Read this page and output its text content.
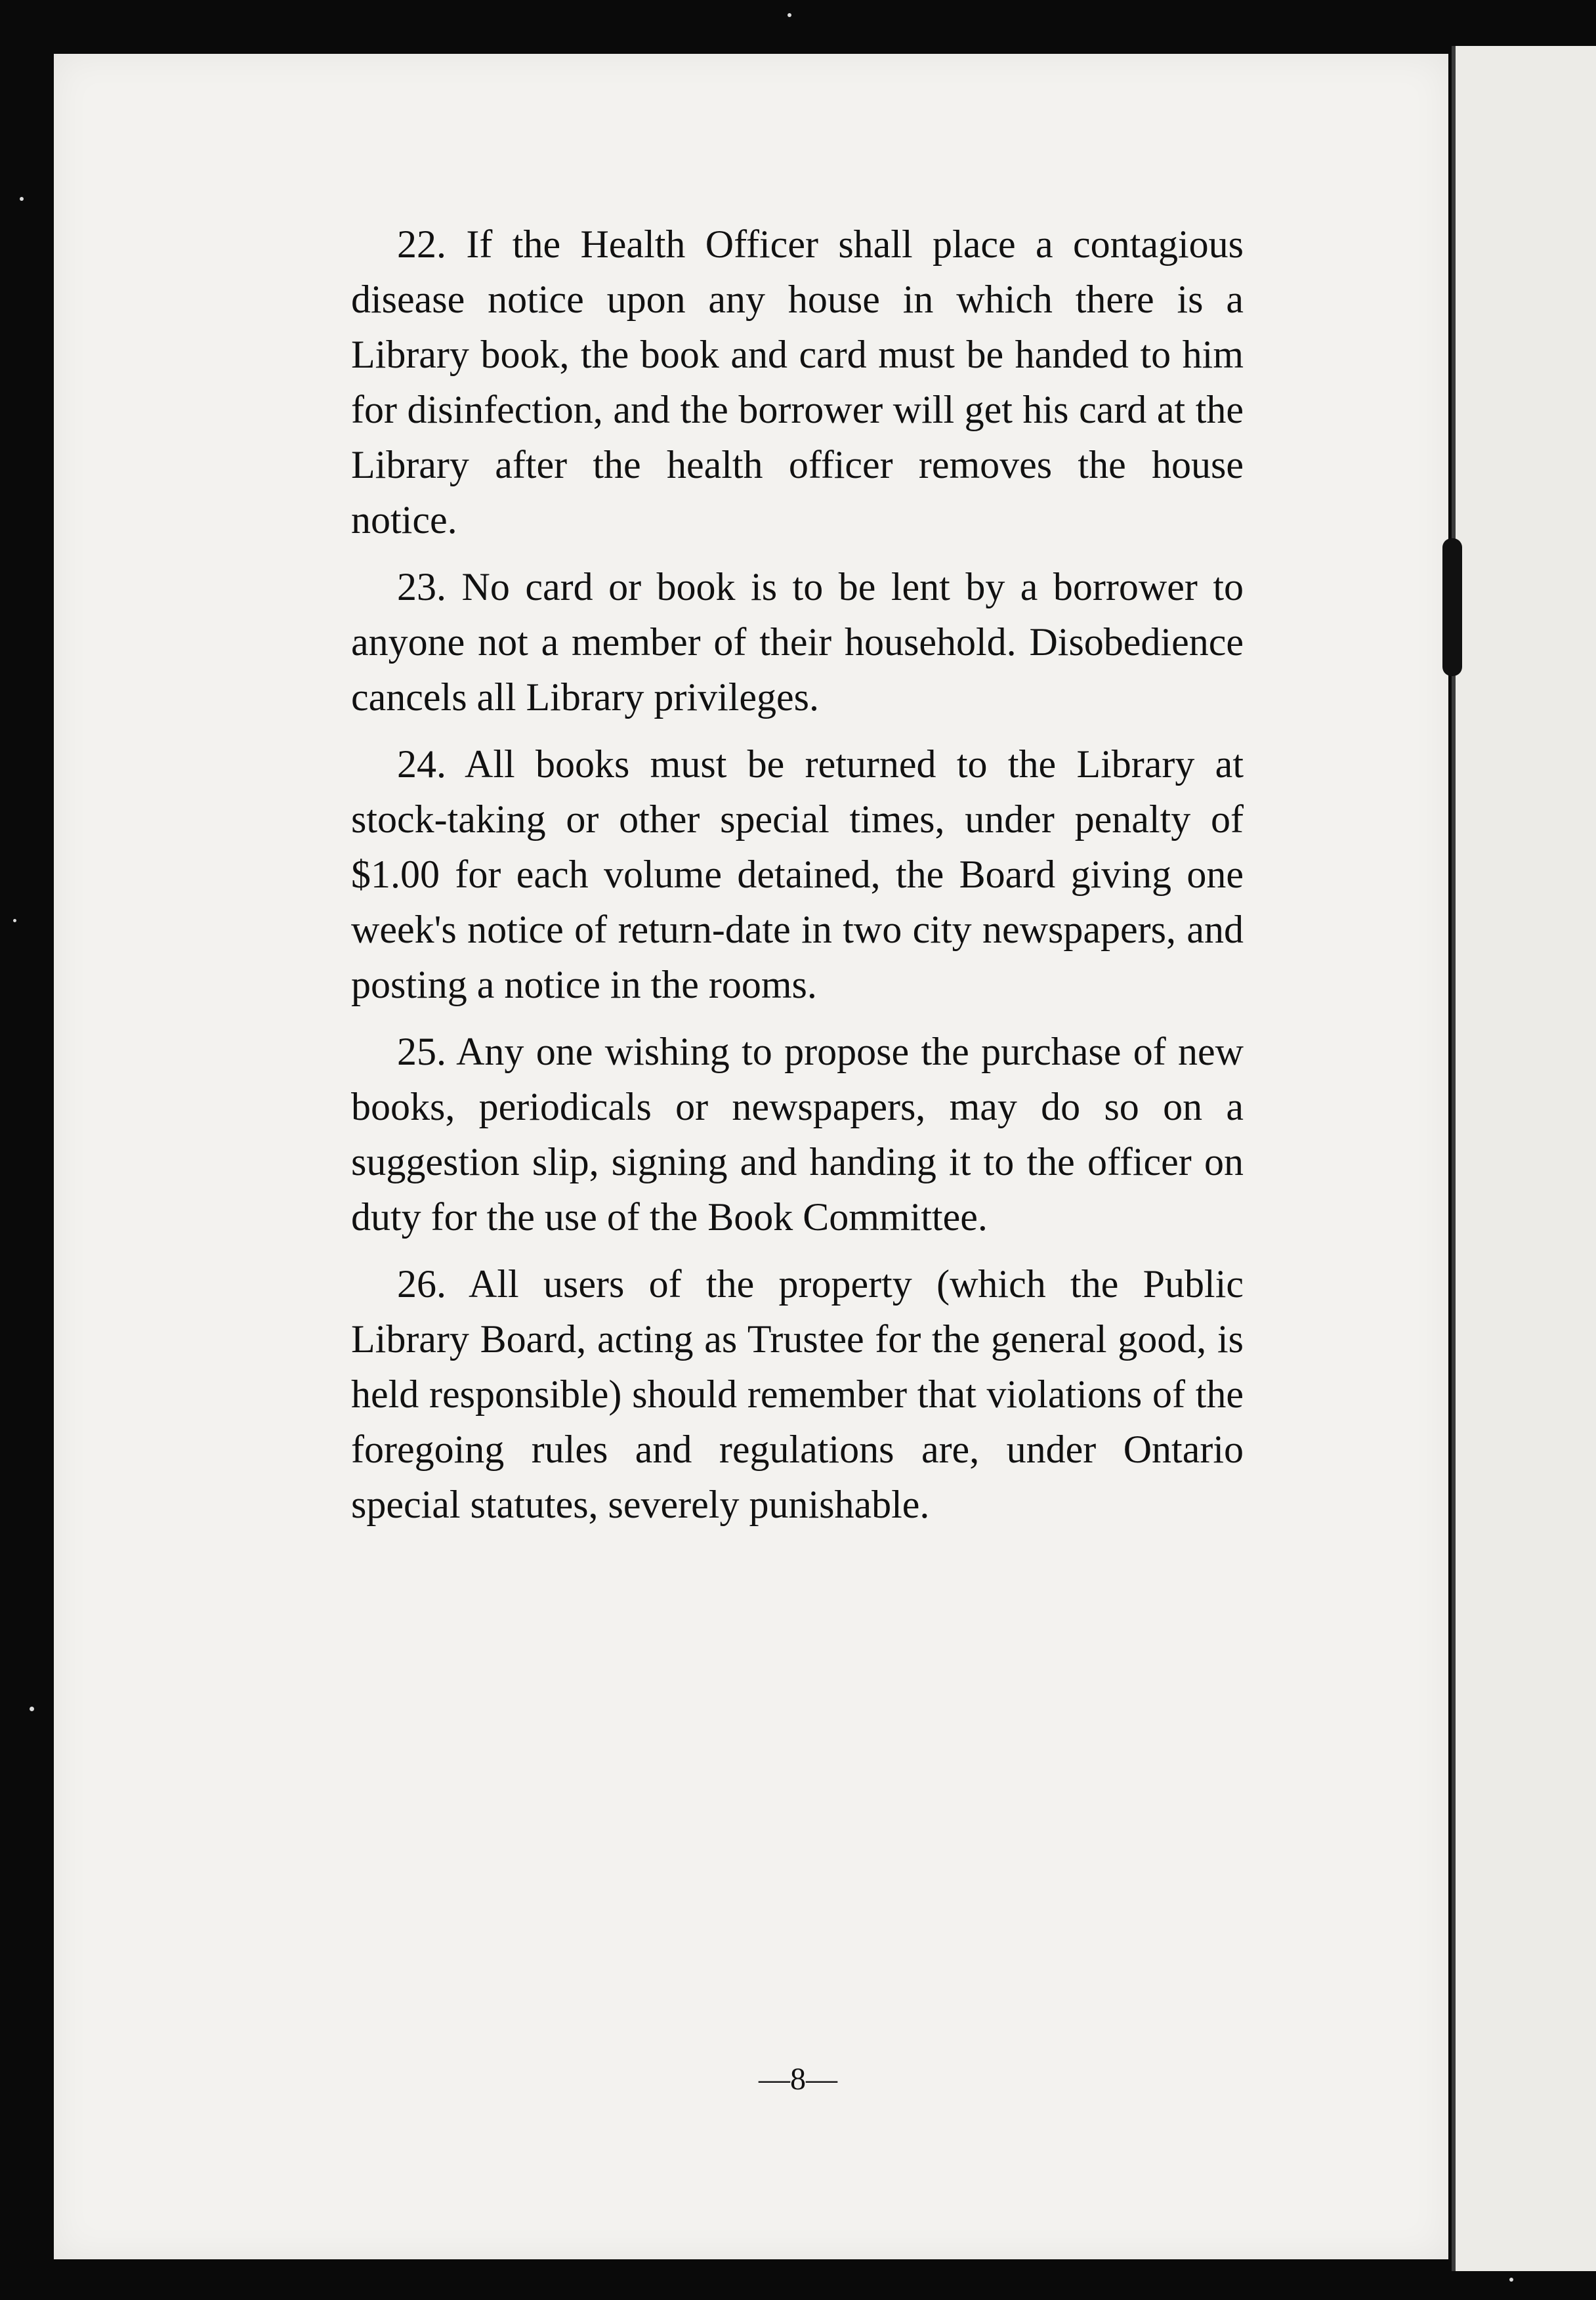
22. If the Health Officer shall place a contagious disease notice upon any house in which there is a Library book, the book and card must be handed to him for disinfection, and the borrower will get his card at the Library after the health officer removes the house notice.

23. No card or book is to be lent by a borrower to anyone not a member of their household. Disobedience cancels all Library privileges.

24. All books must be returned to the Library at stock-taking or other special times, under penalty of $1.00 for each volume detained, the Board giving one week's notice of return-date in two city newspapers, and posting a notice in the rooms.

25. Any one wishing to propose the purchase of new books, periodicals or newspapers, may do so on a suggestion slip, signing and handing it to the officer on duty for the use of the Book Committee.

26. All users of the property (which the Public Library Board, acting as Trustee for the general good, is held responsible) should remember that violations of the foregoing rules and regulations are, under Ontario special statutes, severely punishable.

—8—
